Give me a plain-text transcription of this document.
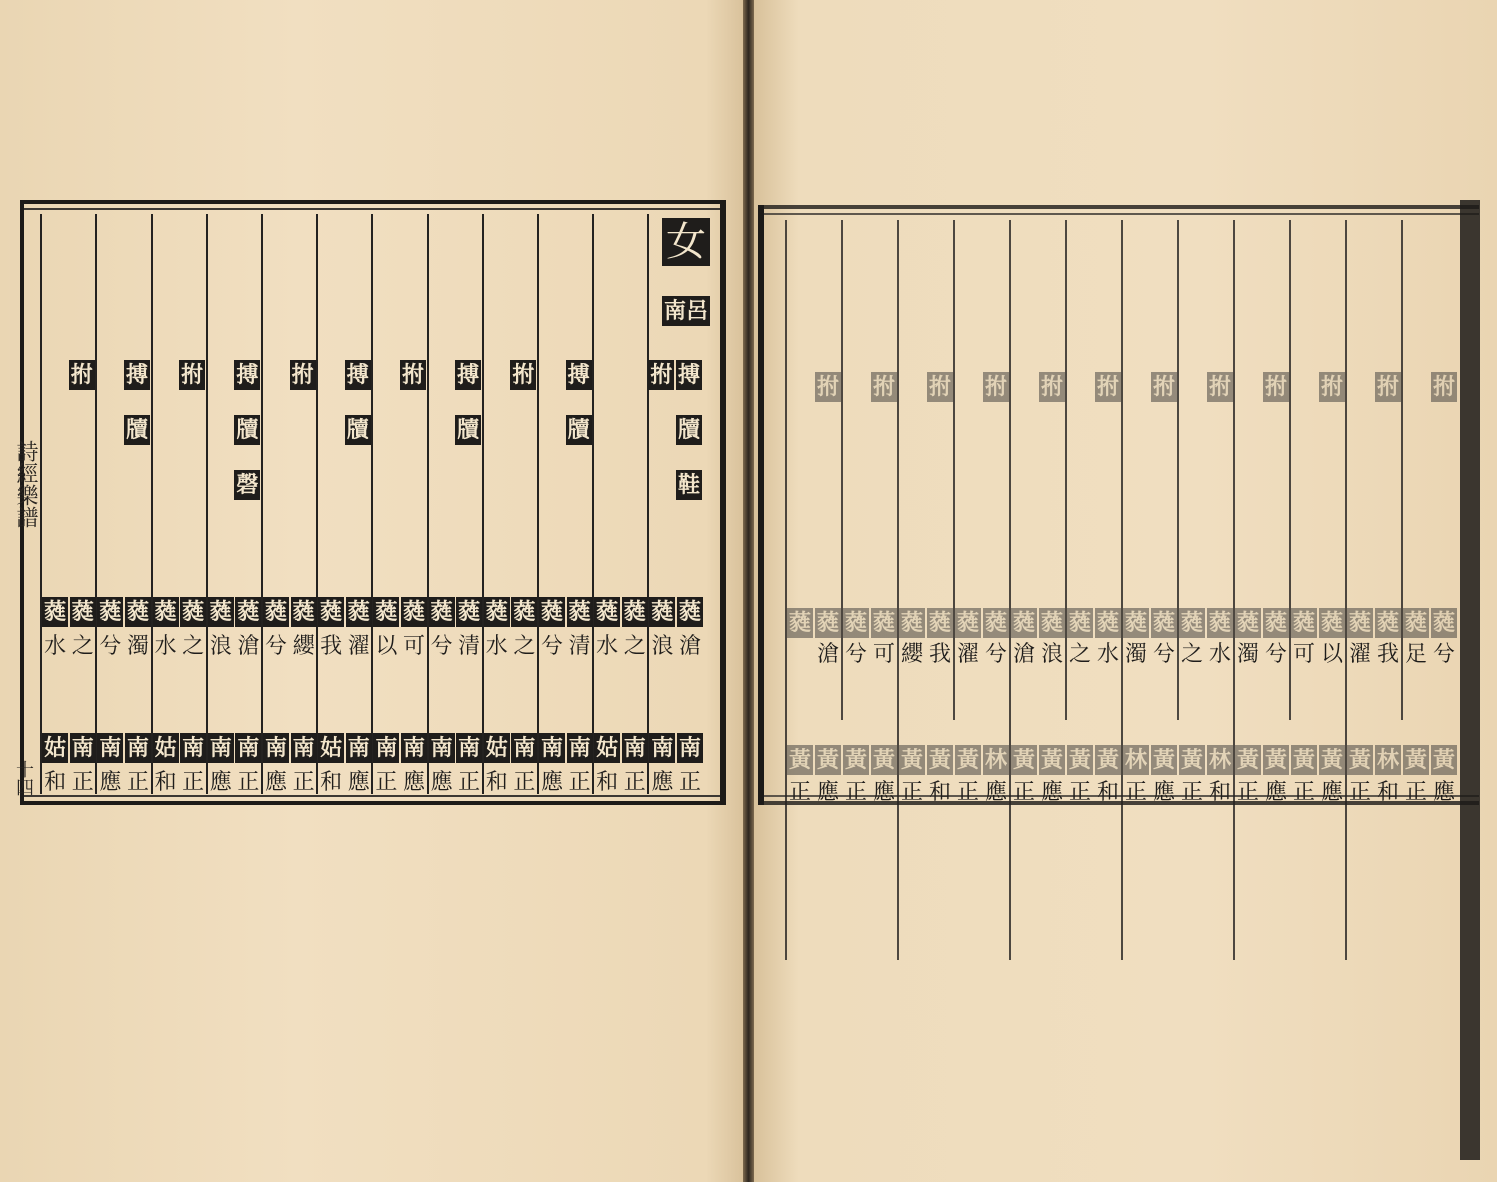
搏
牘
鞋
蕤
滄
南
正
拊
蕤
浪
南
應
蕤
之
南
正
蕤
水
姑
和
搏
牘
蕤
清
南
正
蕤
兮
南
應
拊
蕤
之
南
正
蕤
水
姑
和
搏
牘
蕤
清
南
正
蕤
兮
南
應
拊
蕤
可
南
應
蕤
以
南
正
搏
牘
蕤
濯
南
應
蕤
我
姑
和
拊
蕤
纓
南
正
蕤
兮
南
應
搏
牘
磬
蕤
滄
南
正
蕤
浪
南
應
拊
蕤
之
南
正
蕤
水
姑
和
搏
牘
蕤
濁
南
正
蕤
兮
南
應
拊
蕤
之
南
正
蕤
水
姑
和
南呂
女
詩經樂譜
十四
拊
蕤
兮
黃
應
蕤
足
黃
正
拊
蕤
我
林
和
蕤
濯
黃
正
拊
蕤
以
黃
應
蕤
可
黃
正
拊
蕤
兮
黃
應
蕤
濁
黃
正
拊
蕤
水
林
和
蕤
之
黃
正
拊
蕤
兮
黃
應
蕤
濁
林
正
拊
蕤
水
黃
和
蕤
之
黃
正
拊
蕤
浪
黃
應
蕤
滄
黃
正
拊
蕤
兮
林
應
蕤
濯
黃
正
拊
蕤
我
黃
和
蕤
纓
黃
正
拊
蕤
可
黃
應
蕤
兮
黃
正
拊
蕤
滄
黃
應
蕤
黃
正
